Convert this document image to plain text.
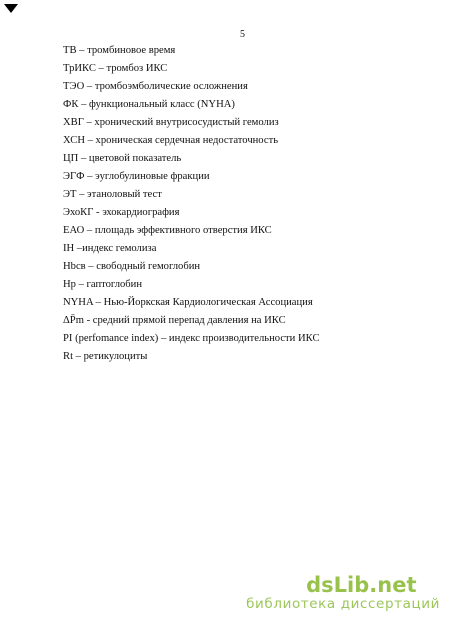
5
ТВ – тромбиновое время
ТрИКС – тромбоз ИКС
ТЭО – тромбоэмболические осложнения
ФК – функциональный класс (NYHA)
ХВГ – хронический внутрисосудистый гемолиз
ХСН – хроническая сердечная недостаточность
ЦП – цветовой показатель
ЭГФ – эуглобулиновые фракции
ЭТ – этаноловый тест
ЭхоКГ - эхокардиография
ЕАО – площадь эффективного отверстия ИКС
IH –индекс гемолиза
Hbсв – свободный гемоглобин
Hp – гаптоглобин
NYHA – Нью-Йоркская Кардиологическая Ассоциация
ΔP̄m - средний прямой перепад давления на ИКС
PI (perfomance index) – индекс производительности ИКС
Rt – ретикулоциты
dsLib.net
библиотека диссертаций
